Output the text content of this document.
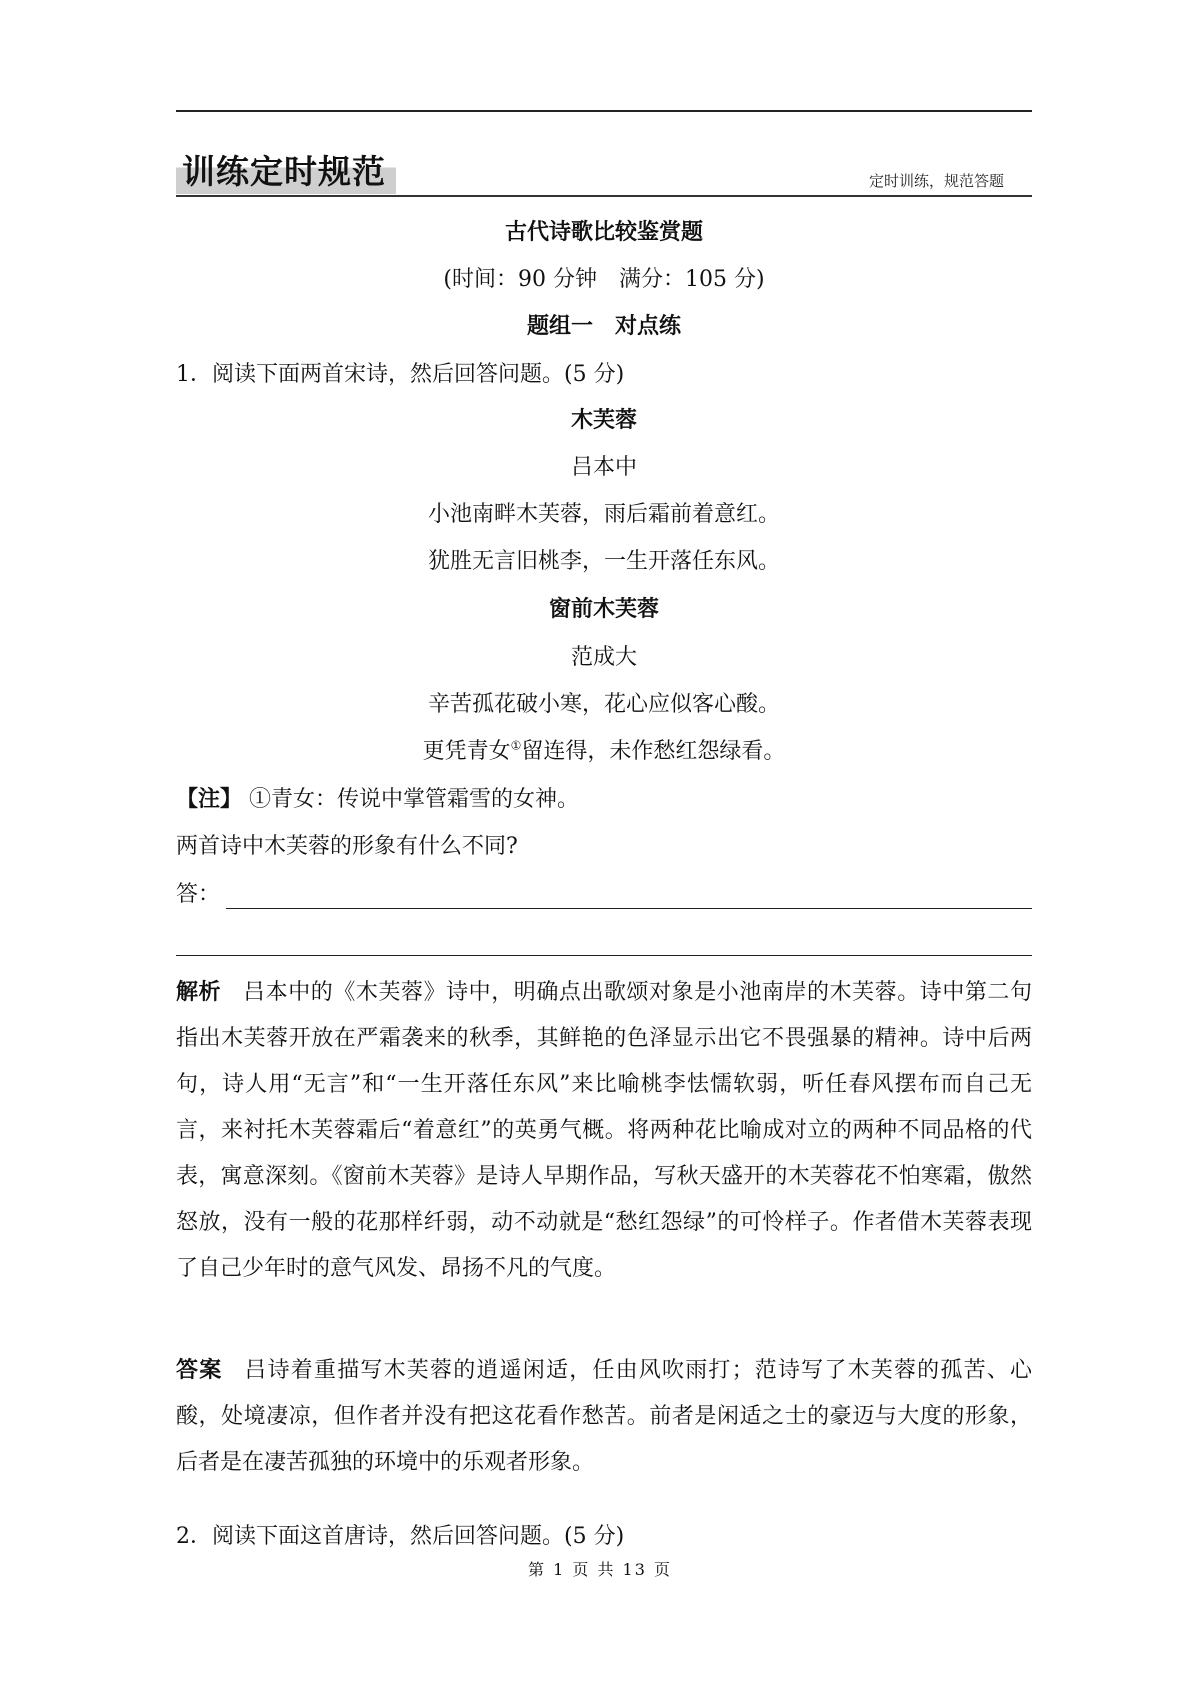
训练定时规范	定时训练，规范答题
古代诗歌比较鉴赏题
(时间：90 分钟　满分：105 分)
题组一　对点练
1．阅读下面两首宋诗，然后回答问题。(5 分)
木芙蓉
吕本中
小池南畔木芙蓉，雨后霜前着意红。
犹胜无言旧桃李，一生开落任东风。
窗前木芙蓉
范成大
辛苦孤花破小寒，花心应似客心酸。
更凭青女①留连得，未作愁红怨绿看。
【注】 ①青女：传说中掌管霜雪的女神。
两首诗中木芙蓉的形象有什么不同?
答：
解析 吕本中的《木芙蓉》诗中，明确点出歌颂对象是小池南岸的木芙蓉。诗中第二句指出木芙蓉开放在严霜袭来的秋季，其鲜艳的色泽显示出它不畏强暴的精神。诗中后两句，诗人用“无言”和“一生开落任东风”来比喻桃李怯懦软弱，听任春风摆布而自己无言，来衬托木芙蓉霜后“着意红”的英勇气概。将两种花比喻成对立的两种不同品格的代表，寓意深刻。《窗前木芙蓉》是诗人早期作品，写秋天盛开的木芙蓉花不怕寒霜，傲然怒放，没有一般的花那样纤弱，动不动就是“愁红怨绿”的可怜样子。作者借木芙蓉表现了自己少年时的意气风发、昂扬不凡的气度。
答案 吕诗着重描写木芙蓉的逍遥闲适，任由风吹雨打；范诗写了木芙蓉的孤苦、心酸，处境凄凉，但作者并没有把这花看作愁苦。前者是闲适之士的豪迈与大度的形象，后者是在凄苦孤独的环境中的乐观者形象。
2．阅读下面这首唐诗，然后回答问题。(5 分)
第 1 页 共 13 页
